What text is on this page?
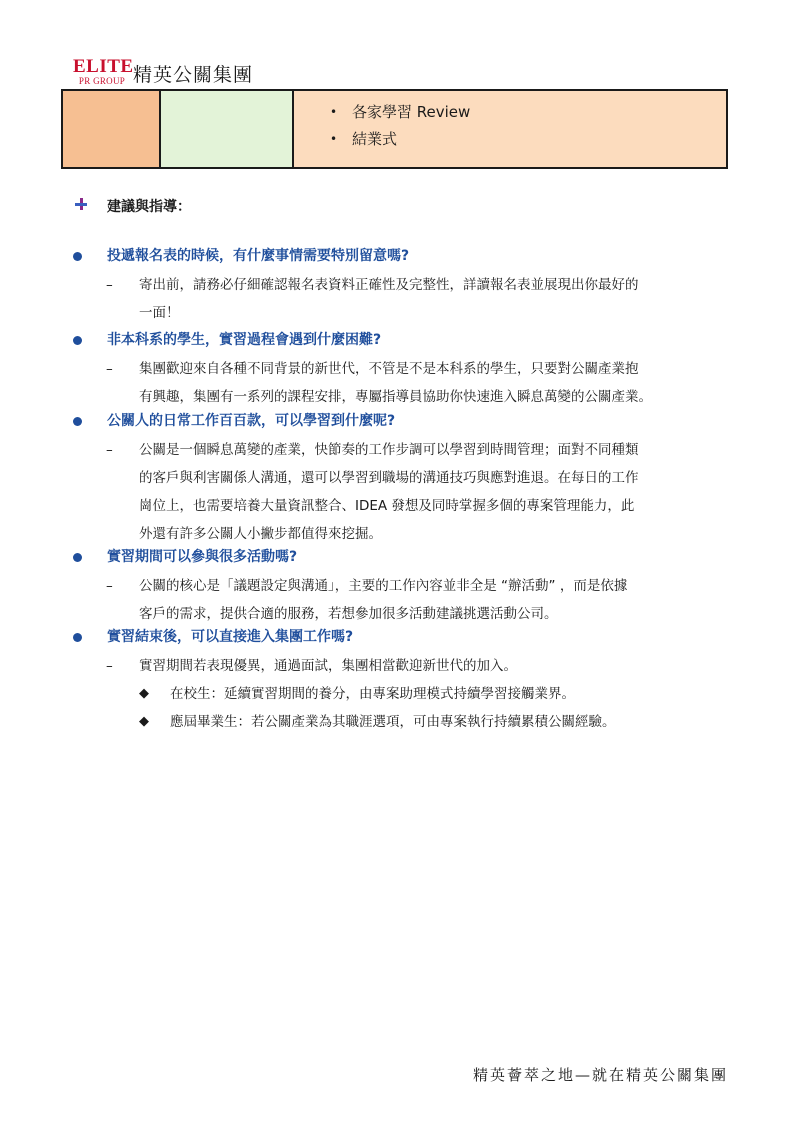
ELITE
PR GROUP 精英公關集團

• 各家學習 Review
• 結業式
建議與指導：
投遞報名表的時候，有什麼事情需要特別留意嗎?
– 寄出前，請務必仔細確認報名表資料正確性及完整性，詳讀報名表並展現出你最好的
一面！
非本科系的學生，實習過程會遇到什麼困難?
– 集團歡迎來自各種不同背景的新世代，不管是不是本科系的學生，只要對公關產業抱
有興趣，集團有一系列的課程安排，專屬指導員協助你快速進入瞬息萬變的公關產業。
公關人的日常工作百百款，可以學習到什麼呢?
– 公關是一個瞬息萬變的產業，快節奏的工作步調可以學習到時間管理；面對不同種類
的客戶與利害關係人溝通，還可以學習到職場的溝通技巧與應對進退。在每日的工作
崗位上，也需要培養大量資訊整合、IDEA 發想及同時掌握多個的專案管理能力，此
外還有許多公關人小撇步都值得來挖掘。
實習期間可以參與很多活動嗎?
– 公關的核心是「議題設定與溝通」，主要的工作內容並非全是 “辦活動” ，而是依據
客戶的需求，提供合適的服務，若想參加很多活動建議挑選活動公司。
實習結束後，可以直接進入集團工作嗎?
– 實習期間若表現優異，通過面試，集團相當歡迎新世代的加入。
◆ 在校生：延續實習期間的養分，由專案助理模式持續學習接觸業界。
◆ 應屆畢業生：若公關產業為其職涯選項，可由專案執行持續累積公關經驗。
精英薈萃之地—就在精英公關集團
